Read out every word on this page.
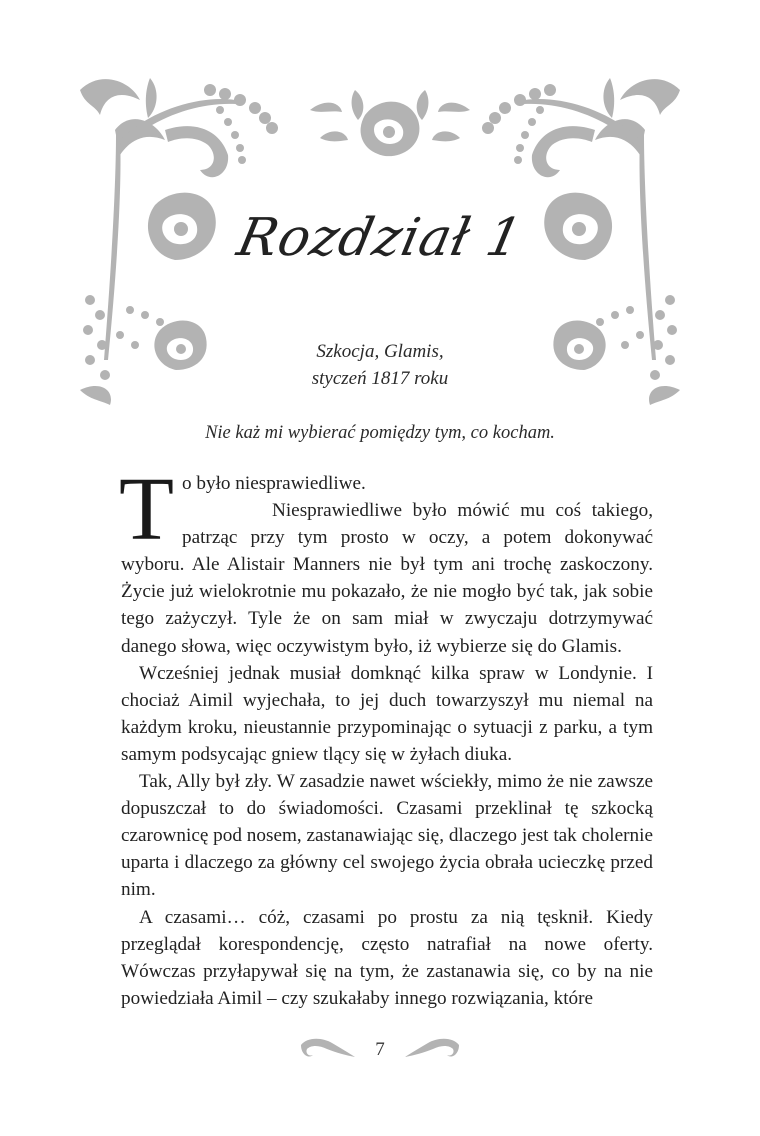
Rozdział 1
Szkocja, Glamis,
styczeń 1817 roku
Nie każ mi wybierać pomiędzy tym, co kocham.
T o było niesprawiedliwe.

Niesprawiedliwe było mówić mu coś takiego, patrząc przy tym prosto w oczy, a potem dokonywać wyboru. Ale Alistair Manners nie był tym ani trochę zaskoczony. Życie już wielokrotnie mu pokazało, że nie mogło być tak, jak sobie tego zażyczył. Tyle że on sam miał w zwyczaju dotrzymywać danego słowa, więc oczywistym było, iż wybierze się do Glamis.

Wcześniej jednak musiał domknąć kilka spraw w Londynie. I chociaż Aimil wyjechała, to jej duch towarzyszył mu niemal na każdym kroku, nieustannie przypominając o sytuacji z parku, a tym samym podsycając gniew tlący się w żyłach diuka.

Tak, Ally był zły. W zasadzie nawet wściekły, mimo że nie zawsze dopuszczał to do świadomości. Czasami przeklinał tę szkocką czarownicę pod nosem, zastanawiając się, dlaczego jest tak cholernie uparta i dlaczego za główny cel swojego życia obrała ucieczkę przed nim.

A czasami… cóż, czasami po prostu za nią tęsknił. Kiedy przeglądał korespondencję, często natrafiał na nowe oferty. Wówczas przyłapywał się na tym, że zastanawia się, co by na nie powiedziała Aimil – czy szukałaby innego rozwiązania, które

7
